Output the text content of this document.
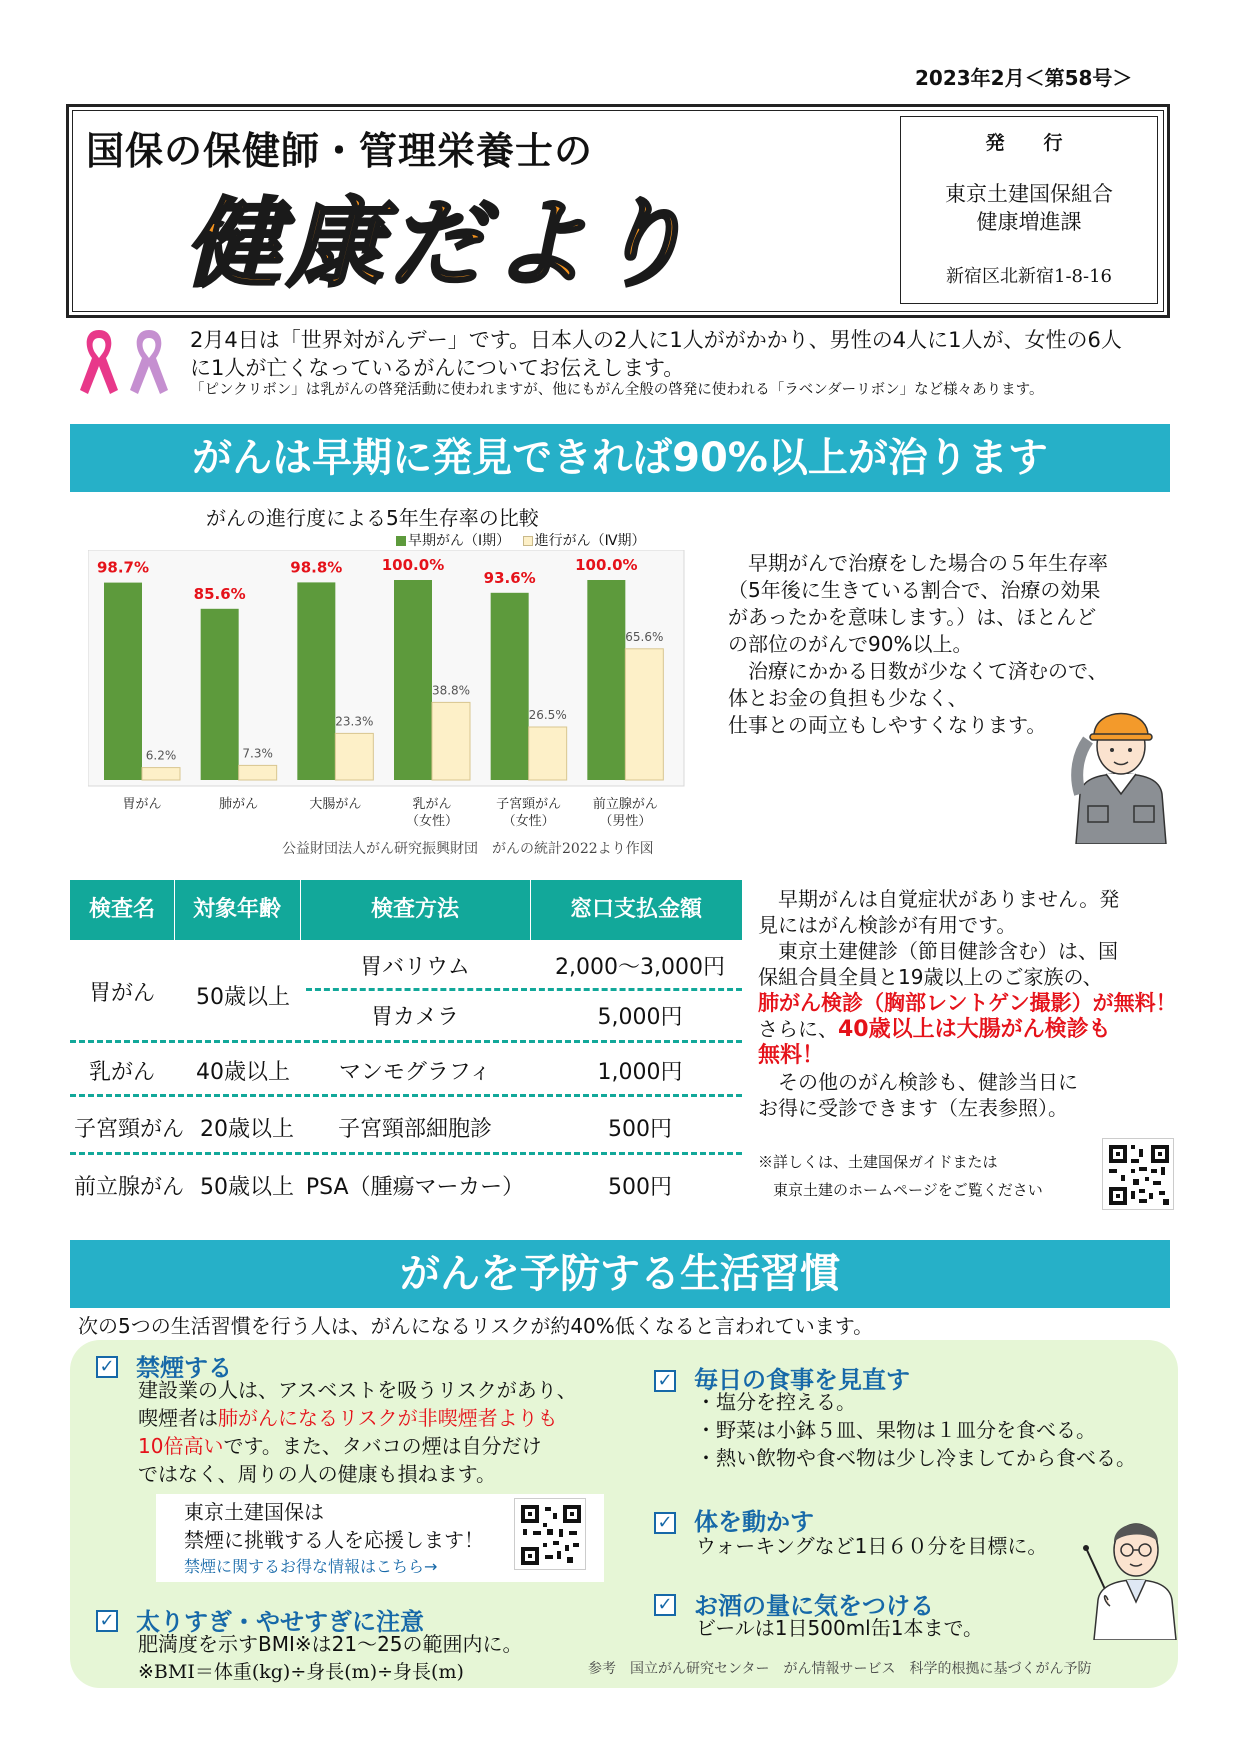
2023年2月＜第58号＞
国保の保健師・管理栄養士の
健康だより
発　行
東京土建国保組合
健康増進課
新宿区北新宿1-8-16
2月4日は「世界対がんデー」です。日本人の2人に1人ががかかり、男性の4人に1人が、女性の6人
に1人が亡くなっているがんについてお伝えします。
「ピンクリボン」は乳がんの啓発活動に使われますが、他にもがん全般の啓発に使われる「ラベンダーリボン」など様々あります。
がんは早期に発見できれば90%以上が治ります
がんの進行度による5年生存率の比較
早期がん（Ⅰ期） 進行がん（Ⅳ期）
98.7%
6.2%
胃がん
85.6%
7.3%
肺がん
98.8%
23.3%
大腸がん
100.0%
38.8%
乳がん
（女性）
93.6%
26.5%
子宮頸がん
（女性）
100.0%
65.6%
前立腺がん
（男性）
公益財団法人がん研究振興財団　がんの統計2022より作図
　早期がんで治療をした場合の５年生存率
（5年後に生きている割合で、治療の効果
があったかを意味します。）は、ほとんど
の部位のがんで90%以上。
　治療にかかる日数が少なくて済むので、
体とお金の負担も少なく、
仕事との両立もしやすくなります。
検査名	対象年齢	検査方法	窓口支払金額
胃がん	50歳以上
胃バリウム	2,000～3,000円
胃カメラ	5,000円
乳がん	40歳以上	マンモグラフィ	1,000円
子宮頸がん 20歳以上	子宮頸部細胞診	500円
前立腺がん 50歳以上 PSA（腫瘍マーカー）	500円
　早期がんは自覚症状がありません。発
見にはがん検診が有用です。
　東京土建健診（節目健診含む）は、国
保組合員全員と19歳以上のご家族の、
肺がん検診（胸部レントゲン撮影）が無料！
さらに、40歳以上は大腸がん検診も
無料！
　その他のがん検診も、健診当日に
お得に受診できます（左表参照）。
※詳しくは、土建国保ガイドまたは
　東京土建のホームページをご覧ください
がんを予防する生活習慣
次の5つの生活習慣を行う人は、がんになるリスクが約40%低くなると言われています。
✓ 禁煙する
建設業の人は、アスベストを吸うリスクがあり、
喫煙者は肺がんになるリスクが非喫煙者よりも
10倍高いです。また、タバコの煙は自分だけ
ではなく、周りの人の健康も損ねます。
東京土建国保は
禁煙に挑戦する人を応援します！
禁煙に関するお得な情報はこちら→
✓ 太りすぎ・やせすぎに注意
肥満度を示すBMI※は21～25の範囲内に。
※BMI＝体重(kg)÷身長(m)÷身長(m)
✓ 毎日の食事を見直す
・塩分を控える。
・野菜は小鉢５皿、果物は１皿分を食べる。
・熱い飲物や食べ物は少し冷ましてから食べる。
✓ 体を動かす
ウォーキングなど1日６０分を目標に。
✓ お酒の量に気をつける
ビールは1日500ml缶1本まで。
参考　国立がん研究センター　がん情報サービス　科学的根拠に基づくがん予防
